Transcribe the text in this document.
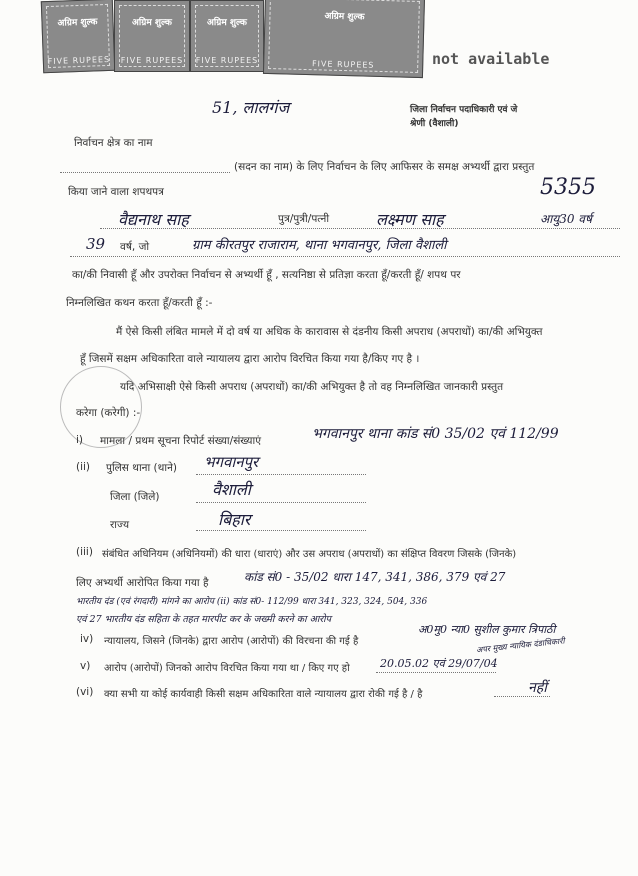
अग्रिम शुल्क
FIVE RUPEES
अग्रिम शुल्क
FIVE RUPEES
अग्रिम शुल्क
FIVE RUPEES
अग्रिम शुल्क
FIVE RUPEES	not available
51, लालगंज	जिला निर्वाचन पदाधिकारी एवं जे
श्रेणी (वैशाली)
निर्वाचन क्षेत्र का नाम
(सदन का नाम) के लिए निर्वाचन के लिए आफिसर के समक्ष अभ्यर्थी द्वारा प्रस्तुत
किया जाने वाला शपथपत्र	5355
वैद्यनाथ साह	पुत्र/पुत्री/पत्नी	लक्ष्मण साह	आयु30 वर्ष
39 वर्ष, जो	ग्राम कीरतपुर राजाराम, थाना भगवानपुर, जिला वैशाली
का/की निवासी हूँ और उपरोक्त निर्वाचन से अभ्यर्थी हूँ , सत्यनिष्ठा से प्रतिज्ञा करता हूँ/करती हूँ/ शपथ पर
निम्नलिखित कथन करता हूँ/करती हूँ :-
मैं ऐसे किसी लंबित मामले में दो वर्ष या अधिक के कारावास से दंडनीय किसी अपराध (अपराधों) का/की अभियुक्त
हूँ जिसमें सक्षम अधिकारिता वाले न्यायालय द्वारा आरोप विरचित किया गया है/किए गए है ।
यदि अभिसाक्षी ऐसे किसी अपराध (अपराधों) का/की अभियुक्त है तो वह निम्नलिखित जानकारी प्रस्तुत
करेगा (करेगी) :-
i) मामला / प्रथम सूचना रिपोर्ट संख्या/संख्याएं	भगवानपुर थाना कांड सं0 35/02 एवं 112/99
(ii) पुलिस थाना (थाने) भगवानपुर
जिला (जिले)	वैशाली
राज्य	बिहार
(iii) संबंधित अधिनियम (अधिनियमों) की धारा (धाराएं) और उस अपराध (अपराधों) का संक्षिप्त विवरण जिसके (जिनके)
लिए अभ्यर्थी आरोपित किया गया है	कांड सं0 - 35/02 धारा 147, 341, 386, 379 एवं 27
भारतीय दंड (एवं रंगदारी) मांगने का आरोप (ii) कांड सं0- 112/99 धारा 341, 323, 324, 504, 336
एवं 27 भारतीय दंड सहिता के तहत मारपीट कर के जख्मी करने का आरोप
iv) न्यायालय, जिसने (जिनके) द्वारा आरोप (आरोपों) की विरचना की गई है
अ0मु0 न्या0 सुशील कुमार त्रिपाठी
अपर मुख्य न्यायिक दंडाधिकारी
v) आरोप (आरोपों) जिनको आरोप विरचित किया गया था / किए गए हो	20.05.02 एवं 29/07/04
(vi) क्या सभी या कोई कार्यवाही किसी सक्षम अधिकारिता वाले न्यायालय द्वारा रोकी गई है / है	नहीं
